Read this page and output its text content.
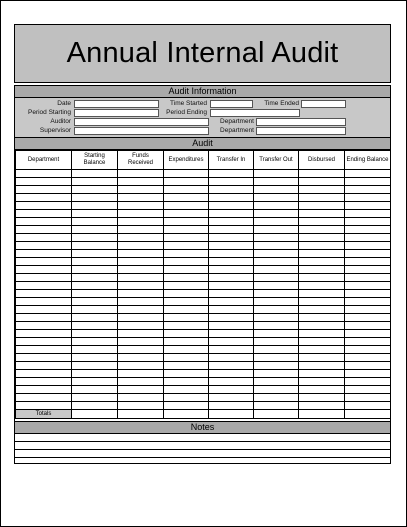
Annual Internal Audit
Audit Information
Date	Time Started	Time Ended
Period Starting	Period Ending
Auditor	Department
Supervisor	Department
Audit
Department	Starting Balance	Funds Received	Expenditures	Transfer In	Transfer Out	Disbursed	Ending Balance

Totals							
Notes
